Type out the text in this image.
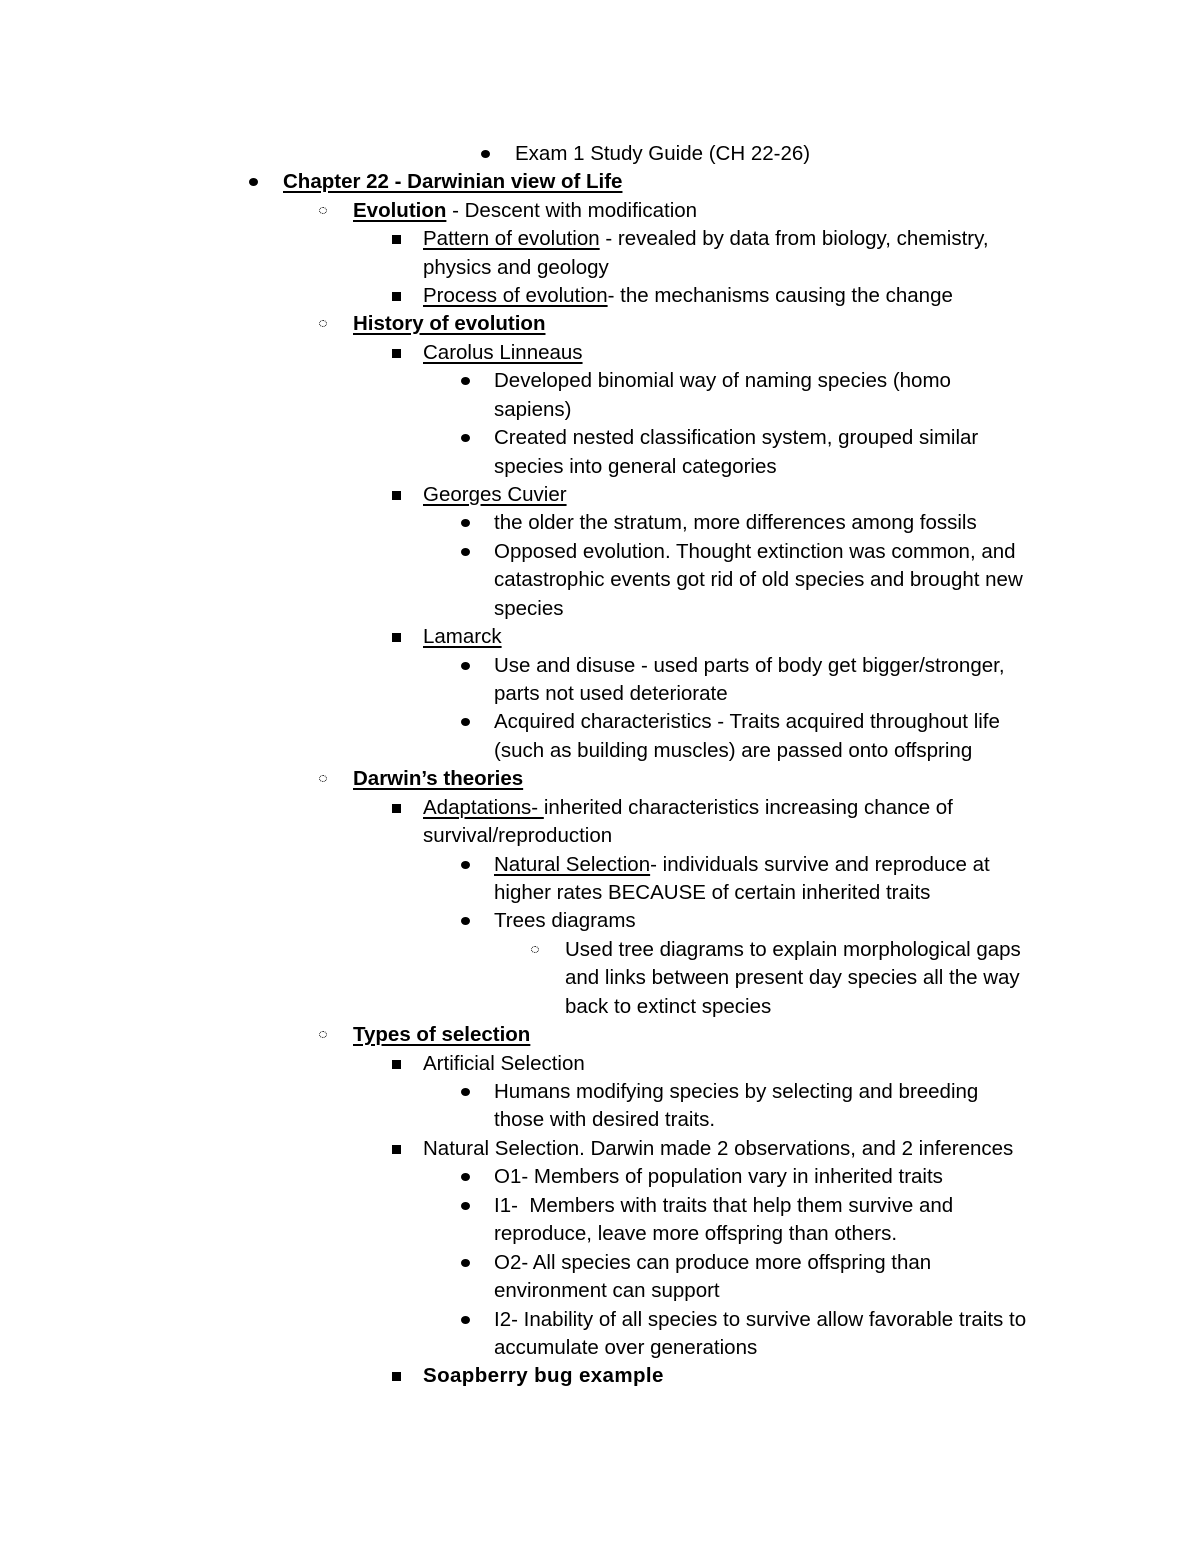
Exam 1 Study Guide (CH 22-26)
Chapter 22 - Darwinian view of Life
Evolution - Descent with modification
Pattern of evolution - revealed by data from biology, chemistry,
physics and geology
Process of evolution- the mechanisms causing the change
History of evolution
Carolus Linneaus
Developed binomial way of naming species (homo
sapiens)
Created nested classification system, grouped similar
species into general categories
Georges Cuvier
the older the stratum, more differences among fossils
Opposed evolution. Thought extinction was common, and
catastrophic events got rid of old species and brought new
species
Lamarck
Use and disuse - used parts of body get bigger/stronger,
parts not used deteriorate
Acquired characteristics - Traits acquired throughout life
(such as building muscles) are passed onto offspring
Darwin’s theories
Adaptations- inherited characteristics increasing chance of
survival/reproduction
Natural Selection- individuals survive and reproduce at
higher rates BECAUSE of certain inherited traits
Trees diagrams
Used tree diagrams to explain morphological gaps
and links between present day species all the way
back to extinct species
Types of selection
Artificial Selection
Humans modifying species by selecting and breeding
those with desired traits.
Natural Selection. Darwin made 2 observations, and 2 inferences
O1- Members of population vary in inherited traits
I1-  Members with traits that help them survive and
reproduce, leave more offspring than others.
O2- All species can produce more offspring than
environment can support
I2- Inability of all species to survive allow favorable traits to
accumulate over generations
Soapberry bug example
